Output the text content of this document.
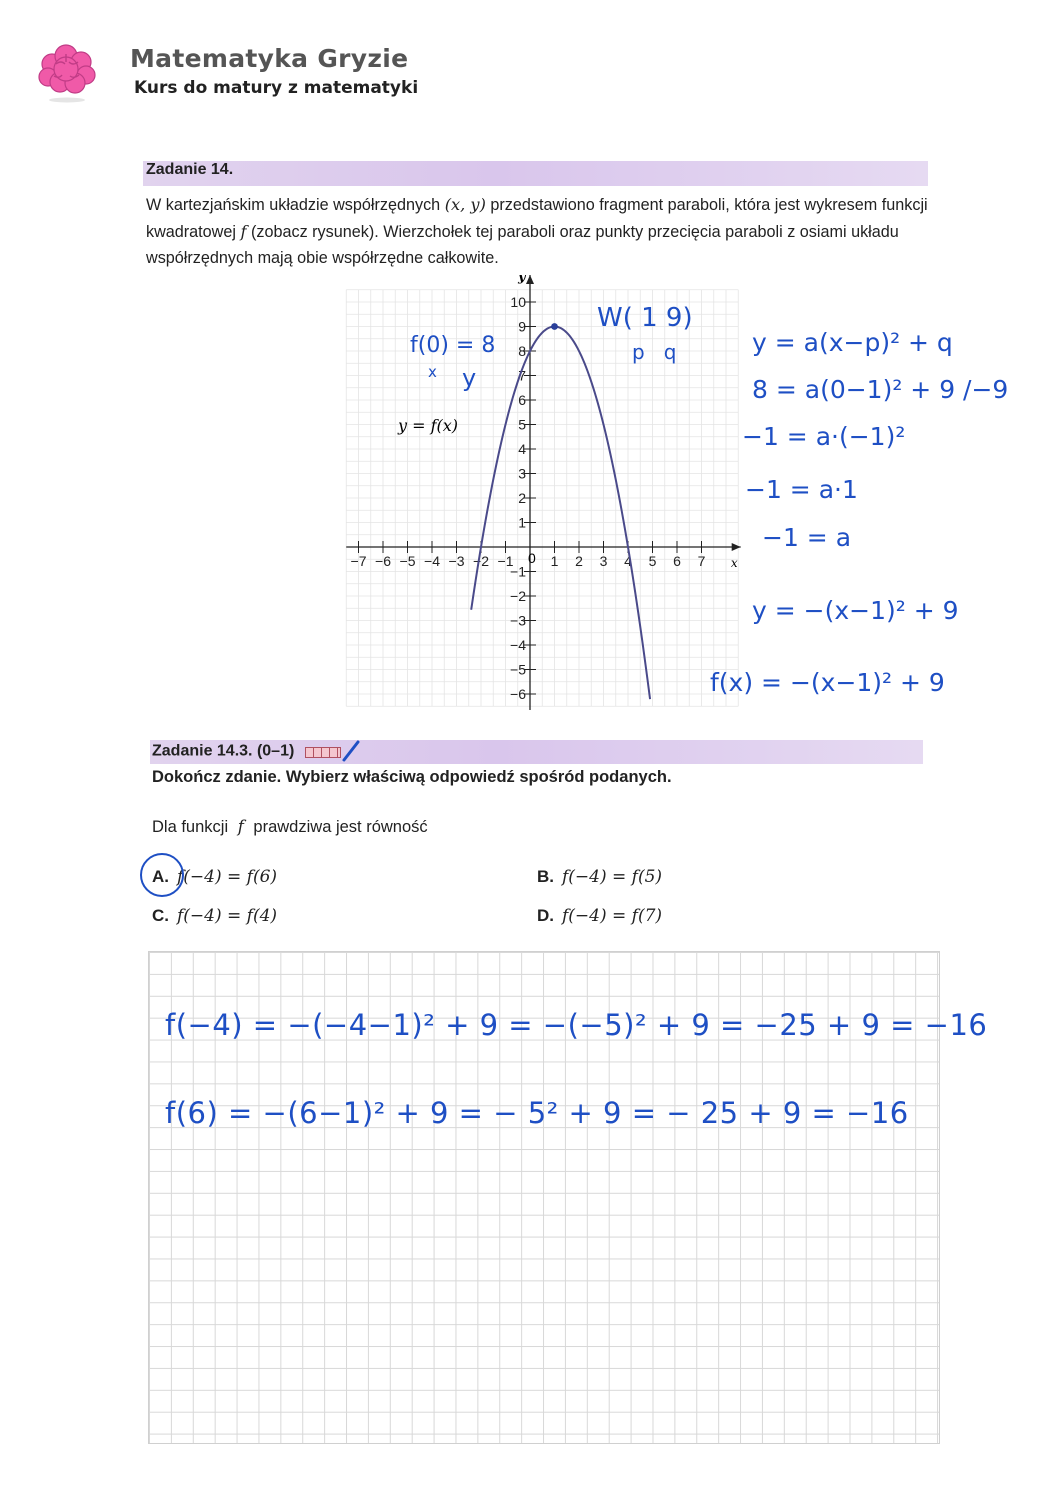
Matematyka Gryzie
Kurs do matury z matematyki
Zadanie 14.
W kartezjańskim układzie współrzędnych (x, y) przedstawiono fragment paraboli, która jest wykresem funkcji kwadratowej f (zobacz rysunek). Wierzchołek tej paraboli oraz punkty przecięcia paraboli z osiami układu współrzędnych mają obie współrzędne całkowite.
−7 −6 −5 −4 −3 −2 −1	1 2 3 4 5 6 7
10
9
8
7
6
5
4
3
2
1
−1
−2
−3
−4
−5
−6
y
x
0
y = f(x)
f(0) = 8
x y
W( 1 9)
p   q	y = a(x−p)² + q
8 = a(0−1)² + 9 /−9
−1 = a·(−1)²
−1 = a·1
−1 = a
y = −(x−1)² + 9
f(x) = −(x−1)² + 9
Zadanie 14.3. (0–1)
Dokończ zdanie. Wybierz właściwą odpowiedź spośród podanych.
Dla funkcji f prawdziwa jest równość
A. f(−4) = f(6)	B. f(−4) = f(5)
C. f(−4) = f(4)	D. f(−4) = f(7)
f(−4) = −(−4−1)² + 9 = −(−5)² + 9 = −25 + 9 = −16
f(6) = −(6−1)² + 9 = − 5² + 9 = − 25 + 9 = −16
